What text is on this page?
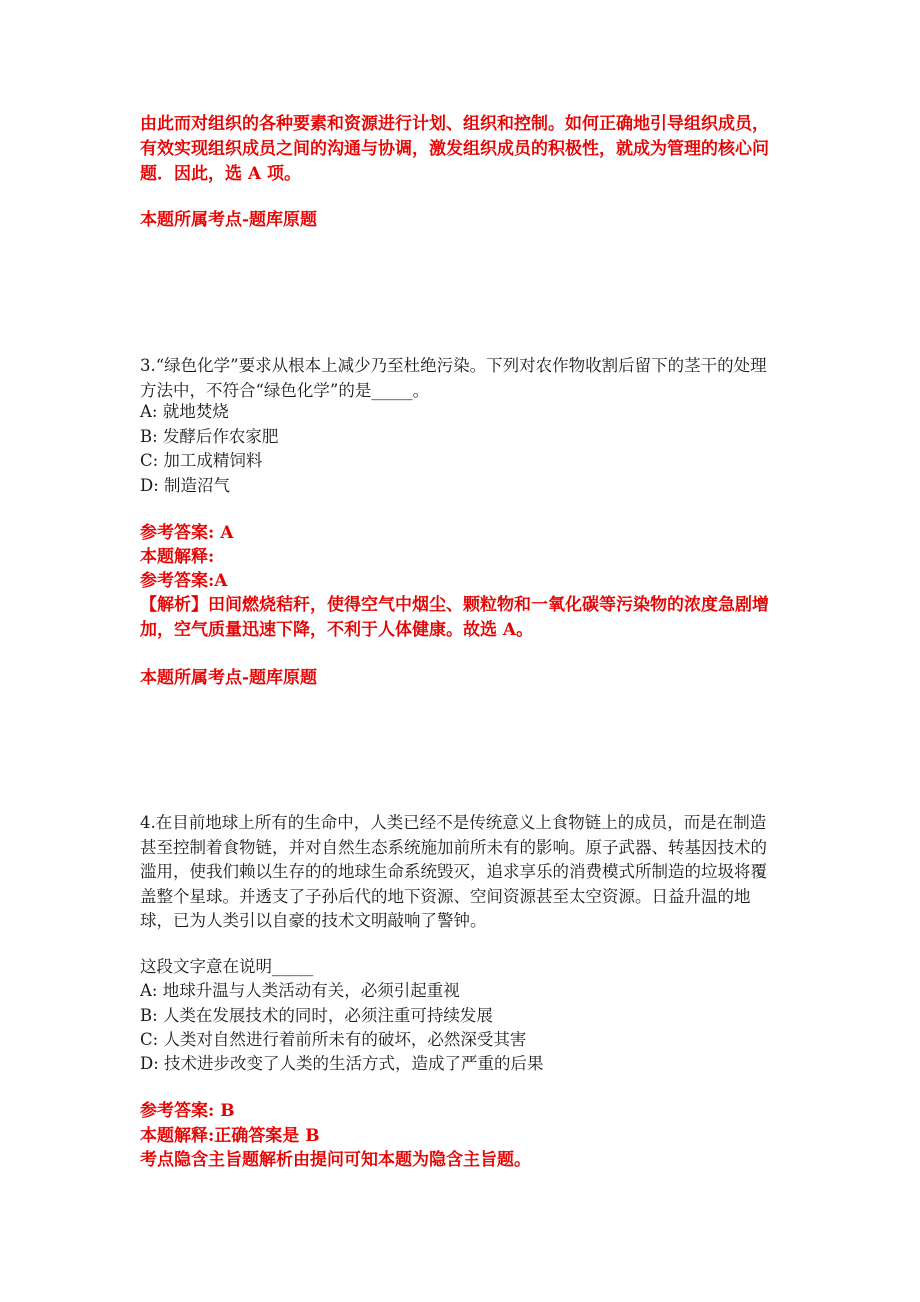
由此而对组织的各种要素和资源进行计划、组织和控制。如何正确地引导组织成员，有效实现组织成员之间的沟通与协调，激发组织成员的积极性，就成为管理的核心问题．因此，选 A 项。

本题所属考点-题库原题

3.“绿色化学”要求从根本上减少乃至杜绝污染。下列对农作物收割后留下的茎干的处理方法中，不符合“绿色化学”的是_____。

A: 就地焚烧

B: 发酵后作农家肥

C: 加工成精饲料

D: 制造沼气

参考答案: A

本题解释:

参考答案:A

【解析】田间燃烧秸秆，使得空气中烟尘、颗粒物和一氧化碳等污染物的浓度急剧增加，空气质量迅速下降，不利于人体健康。故选 A。

本题所属考点-题库原题

4.在目前地球上所有的生命中，人类已经不是传统意义上食物链上的成员，而是在制造甚至控制着食物链，并对自然生态系统施加前所未有的影响。原子武器、转基因技术的滥用，使我们赖以生存的的地球生命系统毁灭，追求享乐的消费模式所制造的垃圾将覆盖整个星球。并透支了子孙后代的地下资源、空间资源甚至太空资源。日益升温的地球，已为人类引以自豪的技术文明敲响了警钟。

这段文字意在说明_____

A: 地球升温与人类活动有关，必须引起重视

B: 人类在发展技术的同时，必须注重可持续发展

C: 人类对自然进行着前所未有的破坏，必然深受其害

D: 技术进步改变了人类的生活方式，造成了严重的后果

参考答案: B

本题解释:正确答案是 B

考点隐含主旨题解析由提问可知本题为隐含主旨题。
